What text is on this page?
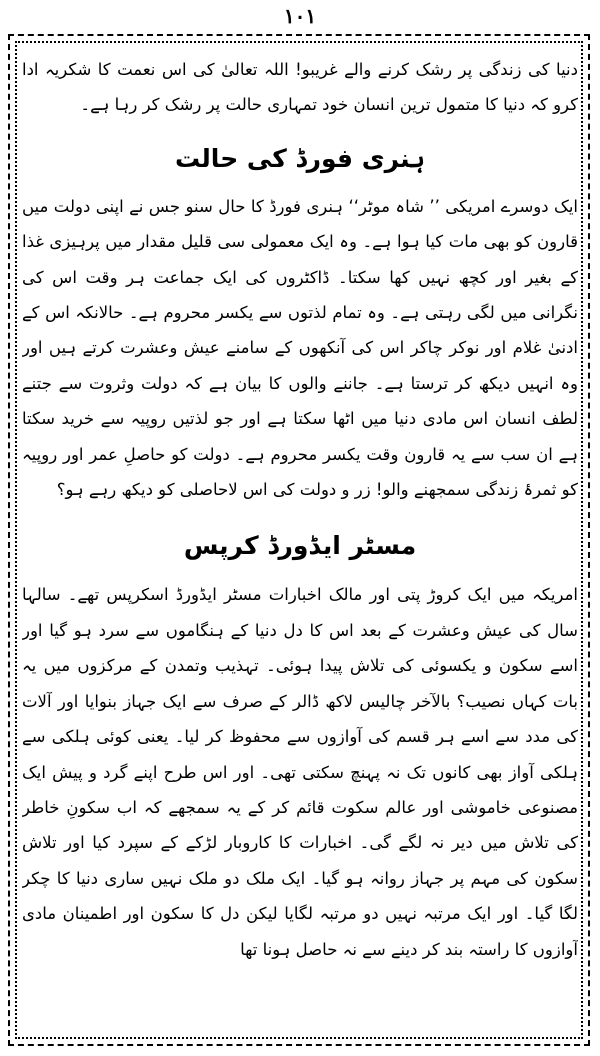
۱۰۱

دنیا کی زندگی پر رشک کرنے والے غریبو! اللہ تعالیٰ کی اس نعمت کا شکریہ ادا کرو کہ دنیا کا متمول ترین انسان خود تمہاری حالت پر رشک کر رہا ہے۔

ہنری فورڈ کی حالت

ایک دوسرے امریکی ’’ شاہ موٹر‘‘ ہنری فورڈ کا حال سنو جس نے اپنی دولت میں قارون کو بھی مات کیا ہوا ہے۔ وہ ایک معمولی سی قلیل مقدار میں پرہیزی غذا کے بغیر اور کچھ نہیں کھا سکتا۔ ڈاکٹروں کی ایک جماعت ہر وقت اس کی نگرانی میں لگی رہتی ہے۔ وہ تمام لذتوں سے یکسر محروم ہے۔ حالانکہ اس کے ادنیٰ غلام اور نوکر چاکر اس کی آنکھوں کے سامنے عیش وعشرت کرتے ہیں اور وہ انہیں دیکھ کر ترستا ہے۔ جاننے والوں کا بیان ہے کہ دولت وثروت سے جتنے لطف انسان اس مادی دنیا میں اٹھا سکتا ہے اور جو لذتیں روپیہ سے خرید سکتا ہے ان سب سے یہ قارون وقت یکسر محروم ہے۔ دولت کو حاصلِ عمر اور روپیہ کو ثمرۂ زندگی سمجھنے والو! زر و دولت کی اس لاحاصلی کو دیکھ رہے ہو؟

مسٹر ایڈورڈ کرپس

امریکہ میں ایک کروڑ پتی اور مالک اخبارات مسٹر ایڈورڈ اسکرپس تھے۔ سالہا سال کی عیش وعشرت کے بعد اس کا دل دنیا کے ہنگاموں سے سرد ہو گیا اور اسے سکون و یکسوئی کی تلاش پیدا ہوئی۔ تہذیب وتمدن کے مرکزوں میں یہ بات کہاں نصیب؟ بالآخر چالیس لاکھ ڈالر کے صرف سے ایک جہاز بنوایا اور آلات کی مدد سے اسے ہر قسم کی آوازوں سے محفوظ کر لیا۔ یعنی کوئی ہلکی سے ہلکی آواز بھی کانوں تک نہ پہنچ سکتی تھی۔ اور اس طرح اپنے گرد و پیش ایک مصنوعی خاموشی اور عالم سکوت قائم کر کے یہ سمجھے کہ اب سکونِ خاطر کی تلاش میں دیر نہ لگے گی۔ اخبارات کا کاروبار لڑکے کے سپرد کیا اور تلاش سکون کی مہم پر جہاز روانہ ہو گیا۔ ایک ملک دو ملک نہیں ساری دنیا کا چکر لگا گیا۔ اور ایک مرتبہ نہیں دو مرتبہ لگایا لیکن دل کا سکون اور اطمینان مادی آوازوں کا راستہ بند کر دینے سے نہ حاصل ہونا تھا
